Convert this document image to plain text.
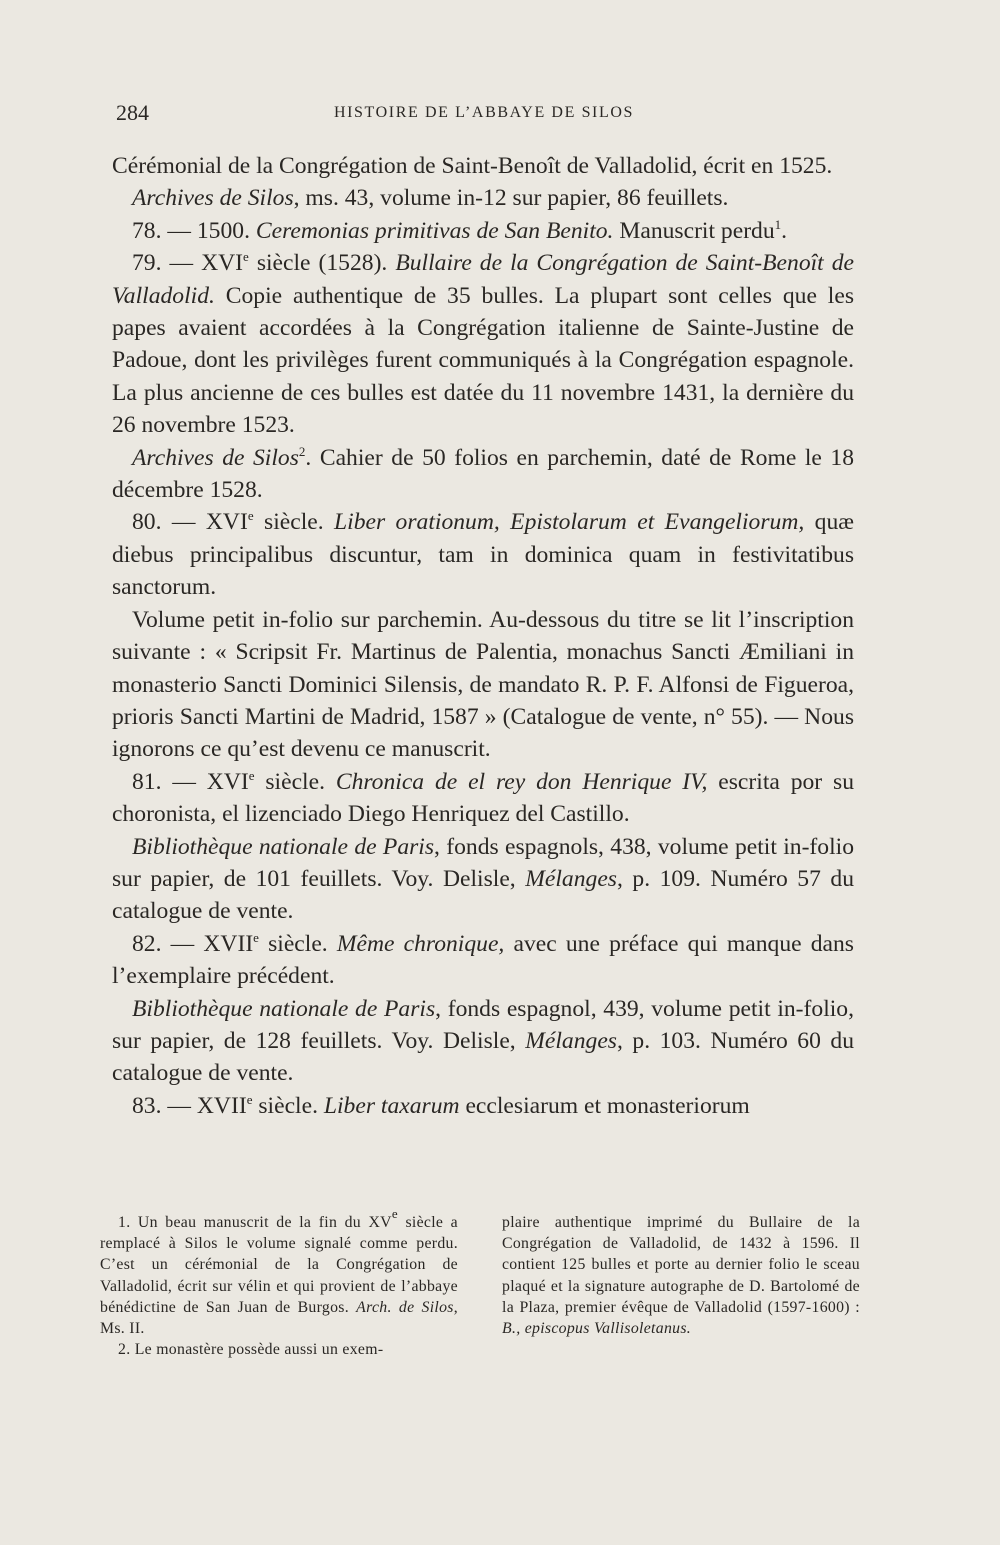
284	HISTOIRE DE L’ABBAYE DE SILOS

Cérémonial de la Congrégation de Saint-Benoît de Valladolid, écrit en 1525.

Archives de Silos, ms. 43, volume in-12 sur papier, 86 feuillets.

78. — 1500. Ceremonias primitivas de San Benito. Manuscrit perdu$^1$.

79. — XVIe siècle (1528). Bullaire de la Congrégation de Saint-Benoît de Valladolid. Copie authentique de 35 bulles. La plupart sont celles que les papes avaient accordées à la Congrégation italienne de Sainte-Justine de Padoue, dont les privilèges furent communiqués à la Congrégation espagnole. La plus ancienne de ces bulles est datée du 11 novembre 1431, la dernière du 26 novembre 1523.

Archives de Silos$^2$. Cahier de 50 folios en parchemin, daté de Rome le 18 décembre 1528.

80. — XVIe siècle. Liber orationum, Epistolarum et Evangeliorum, quæ diebus principalibus discuntur, tam in dominica quam in festivitatibus sanctorum.

Volume petit in-folio sur parchemin. Au-dessous du titre se lit l’inscription suivante : « Scripsit Fr. Martinus de Palentia, monachus Sancti Æmiliani in monasterio Sancti Dominici Silensis, de mandato R. P. F. Alfonsi de Figueroa, prioris Sancti Martini de Madrid, 1587 » (Catalogue de vente, n° 55). — Nous ignorons ce qu’est devenu ce manuscrit.

81. — XVIe siècle. Chronica de el rey don Henrique IV, escrita por su choronista, el lizenciado Diego Henriquez del Castillo.

Bibliothèque nationale de Paris, fonds espagnols, 438, volume petit in-folio sur papier, de 101 feuillets. Voy. Delisle, Mélanges, p. 109. Numéro 57 du catalogue de vente.

82. — XVIIe siècle. Même chronique, avec une préface qui manque dans l’exemplaire précédent.

Bibliothèque nationale de Paris, fonds espagnol, 439, volume petit in-folio, sur papier, de 128 feuillets. Voy. Delisle, Mélanges, p. 103. Numéro 60 du catalogue de vente.

83. — XVIIe siècle. Liber taxarum ecclesiarum et monasteriorum

1. Un beau manuscrit de la fin du XVe siècle a remplacé à Silos le volume signalé comme perdu. C’est un cérémonial de la Congrégation de Valladolid, écrit sur vélin et qui provient de l’abbaye bénédictine de San Juan de Burgos. Arch. de Silos, Ms. II.

2. Le monastère possède aussi un exem-

plaire authentique imprimé du Bullaire de la Congrégation de Valladolid, de 1432 à 1596. Il contient 125 bulles et porte au dernier folio le sceau plaqué et la signature autographe de D. Bartolomé de la Plaza, premier évêque de Valladolid (1597-1600) : B., episcopus Vallisoletanus.
